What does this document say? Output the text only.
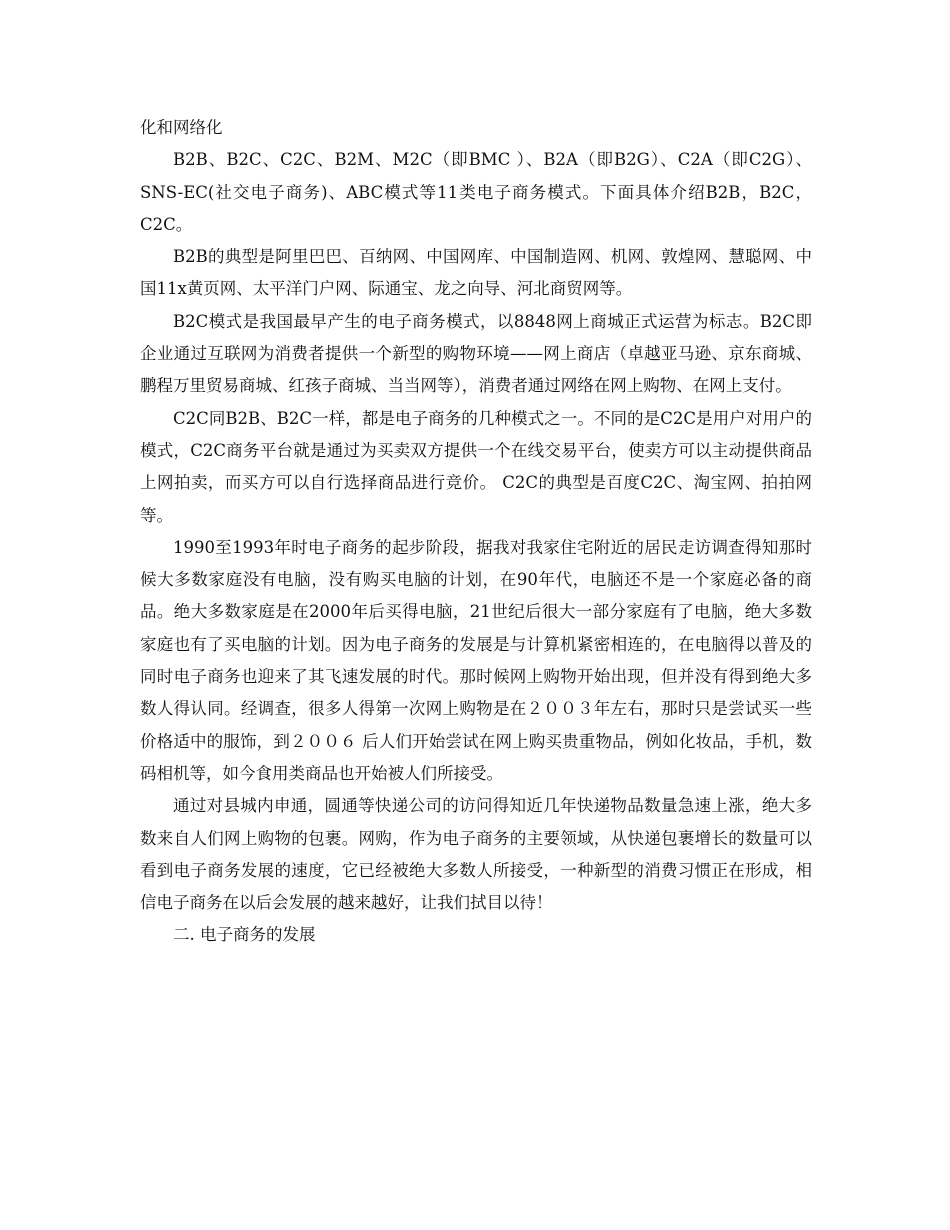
化和网络化

B2B、B2C、C2C、B2M、M2C（即BMC ）、B2A（即B2G）、C2A（即C2G）、SNS-EC(社交电子商务)、ABC模式等11类电子商务模式。下面具体介绍B2B，B2C，C2C。

B2B的典型是阿里巴巴、百纳网、中国网库、中国制造网、机网、敦煌网、慧聪网、中国11x黄页网、太平洋门户网、际通宝、龙之向导、河北商贸网等。

B2C模式是我国最早产生的电子商务模式，以8848网上商城正式运营为标志。B2C即企业通过互联网为消费者提供一个新型的购物环境——网上商店（卓越亚马逊、京东商城、鹏程万里贸易商城、红孩子商城、当当网等），消费者通过网络在网上购物、在网上支付。

C2C同B2B、B2C一样，都是电子商务的几种模式之一。不同的是C2C是用户对用户的模式，C2C商务平台就是通过为买卖双方提供一个在线交易平台，使卖方可以主动提供商品上网拍卖，而买方可以自行选择商品进行竞价。 C2C的典型是百度C2C、淘宝网、拍拍网等。

1990至1993年时电子商务的起步阶段，据我对我家住宅附近的居民走访调查得知那时候大多数家庭没有电脑，没有购买电脑的计划，在90年代，电脑还不是一个家庭必备的商品。绝大多数家庭是在2000年后买得电脑，21世纪后很大一部分家庭有了电脑，绝大多数家庭也有了买电脑的计划。因为电子商务的发展是与计算机紧密相连的，在电脑得以普及的同时电子商务也迎来了其飞速发展的时代。那时候网上购物开始出现，但并没有得到绝大多数人得认同。经调查，很多人得第一次网上购物是在２００３年左右，那时只是尝试买一些价格适中的服饰，到２００６ 后人们开始尝试在网上购买贵重物品，例如化妆品，手机，数码相机等，如今食用类商品也开始被人们所接受。

通过对县城内申通，圆通等快递公司的访问得知近几年快递物品数量急速上涨，绝大多数来自人们网上购物的包裹。网购，作为电子商务的主要领域，从快递包裹增长的数量可以看到电子商务发展的速度，它已经被绝大多数人所接受，一种新型的消费习惯正在形成，相信电子商务在以后会发展的越来越好，让我们拭目以待！

二. 电子商务的发展
